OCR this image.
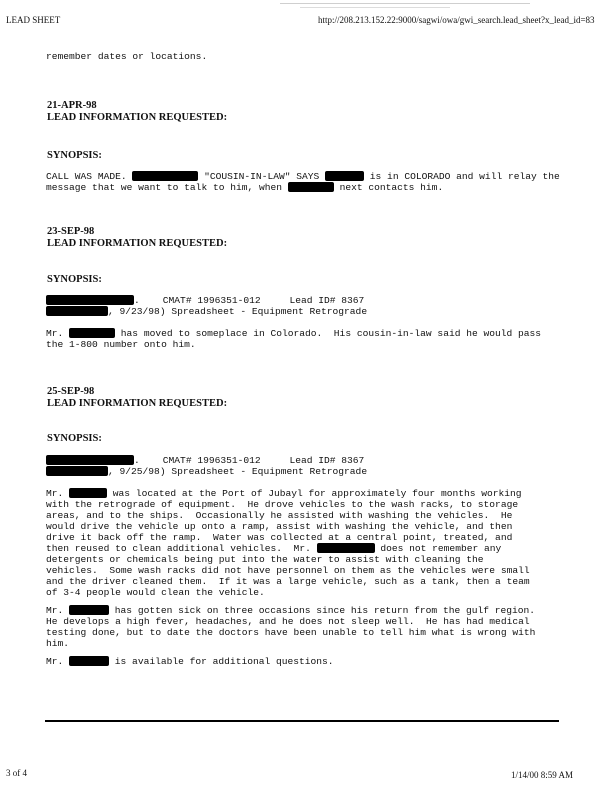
LEAD SHEET	http://208.213.152.22:9000/sagwi/owa/gwi_search.lead_sheet?x_lead_id=83
remember dates or locations.
21-APR-98
LEAD INFORMATION REQUESTED:
SYNOPSIS:
CALL WAS MADE.	"COUSIN-IN-LAW" SAYS	is in COLORADO and will relay the
message that we want to talk to him, when	next contacts him.
23-SEP-98
LEAD INFORMATION REQUESTED:
SYNOPSIS:
.    CMAT# 1996351-012     Lead ID# 8367
, 9/23/98) Spreadsheet - Equipment Retrograde
Mr.	has moved to someplace in Colorado.  His cousin-in-law said he would pass
the 1-800 number onto him.
25-SEP-98
LEAD INFORMATION REQUESTED:
SYNOPSIS:
.    CMAT# 1996351-012     Lead ID# 8367
, 9/25/98) Spreadsheet - Equipment Retrograde
Mr.	was located at the Port of Jubayl for approximately four months working
with the retrograde of equipment.  He drove vehicles to the wash racks, to storage
areas, and to the ships.  Occasionally he assisted with washing the vehicles.  He
would drive the vehicle up onto a ramp, assist with washing the vehicle, and then
drive it back off the ramp.  Water was collected at a central point, treated, and
then reused to clean additional vehicles.  Mr.	does not remember any
detergents or chemicals being put into the water to assist with cleaning the
vehicles.  Some wash racks did not have personnel on them as the vehicles were small
and the driver cleaned them.  If it was a large vehicle, such as a tank, then a team
of 3-4 people would clean the vehicle.
Mr.	has gotten sick on three occasions since his return from the gulf region.
He develops a high fever, headaches, and he does not sleep well.  He has had medical
testing done, but to date the doctors have been unable to tell him what is wrong with
him.
Mr.	is available for additional questions.
3 of 4	1/14/00 8:59 AM
